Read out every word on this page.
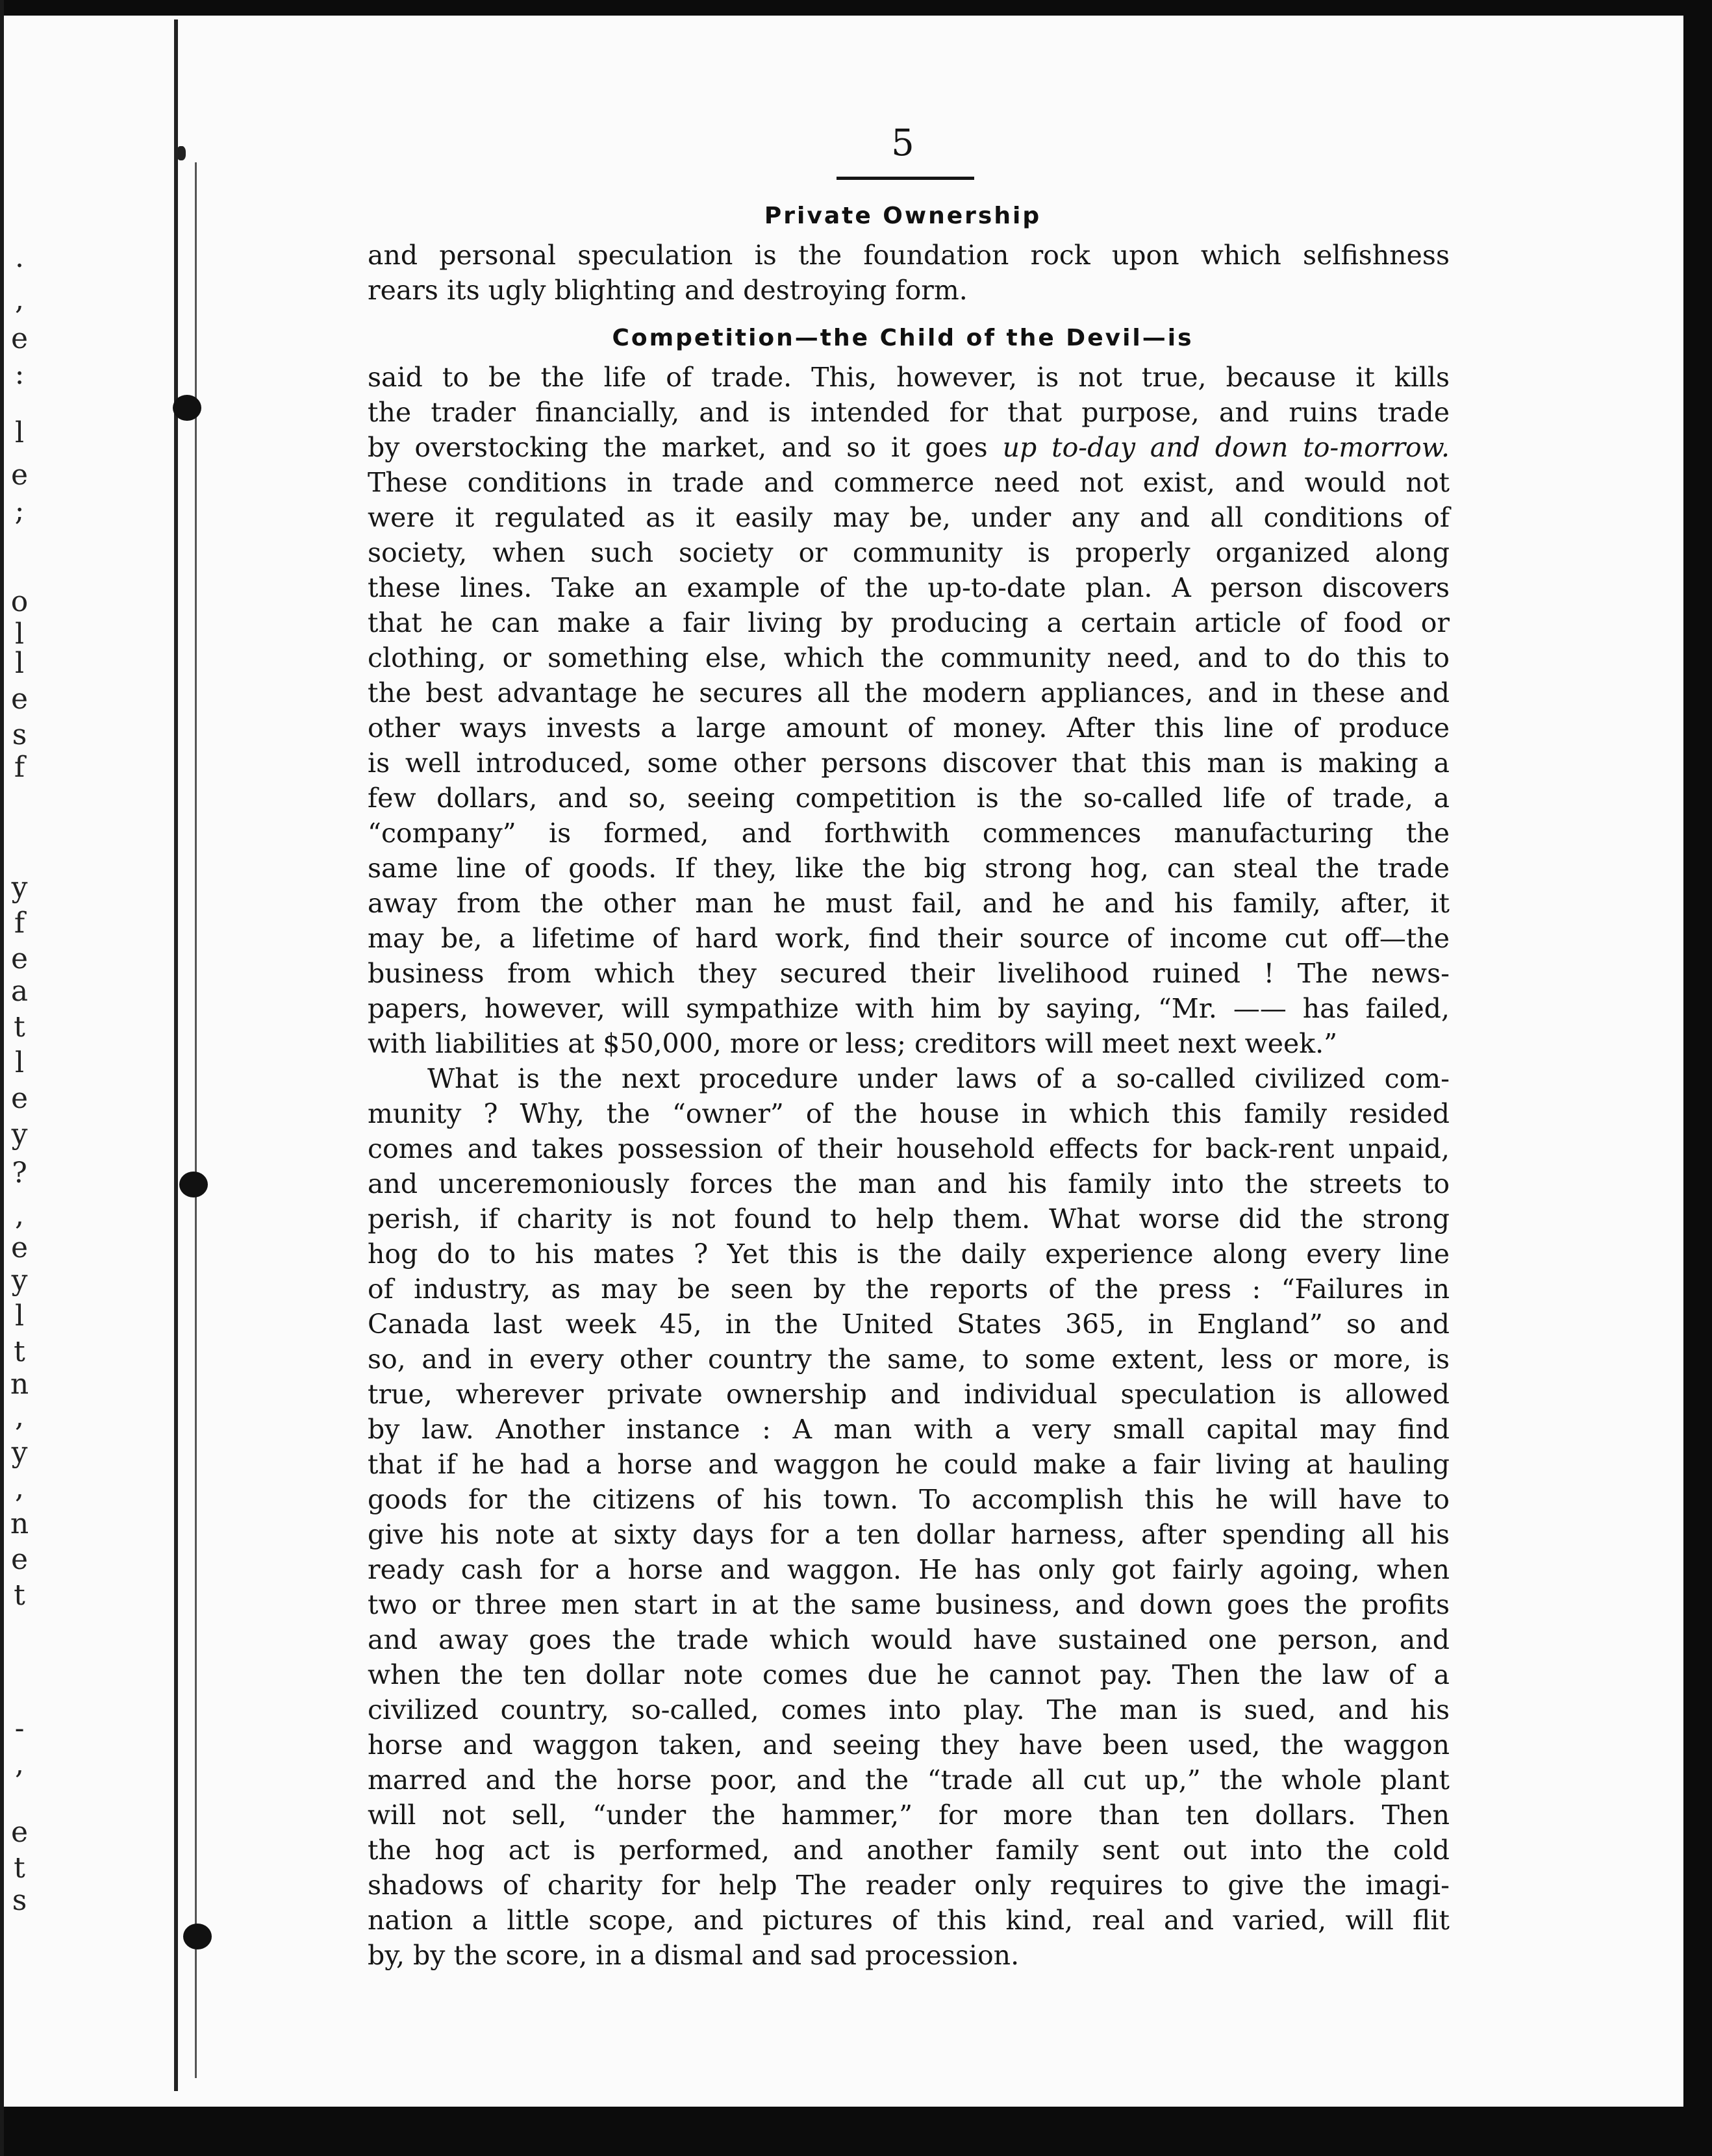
.
,
e
:
l
e
;
o
l
l
e
s
f
y
f
e
a
t
l
e
y
?
,
e
y
l
t
n
,
y
,
n
e
t
-
,
e
t
s
5
Private Ownership
and personal speculation is the foundation rock upon which selfishness
rears its ugly blighting and destroying form.
Competition—the Child of the Devil—is
said to be the life of trade. This, however, is not true, because it kills
the trader financially, and is intended for that purpose, and ruins trade
by overstocking the market, and so it goes up to-day and down to-morrow.
These conditions in trade and commerce need not exist, and would not
were it regulated as it easily may be, under any and all conditions of
society, when such society or community is properly organized along
these lines. Take an example of the up-to-date plan. A person discovers
that he can make a fair living by producing a certain article of food or
clothing, or something else, which the community need, and to do this to
the best advantage he secures all the modern appliances, and in these and
other ways invests a large amount of money. After this line of produce
is well introduced, some other persons discover that this man is making a
few dollars, and so, seeing competition is the so-called life of trade, a
“company” is formed, and forthwith commences manufacturing the
same line of goods. If they, like the big strong hog, can steal the trade
away from the other man he must fail, and he and his family, after, it
may be, a lifetime of hard work, find their source of income cut off—the
business from which they secured their livelihood ruined ! The news-
papers, however, will sympathize with him by saying, “Mr. —— has failed,
with liabilities at $50,000, more or less; creditors will meet next week.”
What is the next procedure under laws of a so-called civilized com-
munity ? Why, the “owner” of the house in which this family resided
comes and takes possession of their household effects for back-rent unpaid,
and unceremoniously forces the man and his family into the streets to
perish, if charity is not found to help them. What worse did the strong
hog do to his mates ? Yet this is the daily experience along every line
of industry, as may be seen by the reports of the press : “Failures in
Canada last week 45, in the United States 365, in England” so and
so, and in every other country the same, to some extent, less or more, is
true, wherever private ownership and individual speculation is allowed
by law. Another instance : A man with a very small capital may find
that if he had a horse and waggon he could make a fair living at hauling
goods for the citizens of his town. To accomplish this he will have to
give his note at sixty days for a ten dollar harness, after spending all his
ready cash for a horse and waggon. He has only got fairly agoing, when
two or three men start in at the same business, and down goes the profits
and away goes the trade which would have sustained one person, and
when the ten dollar note comes due he cannot pay. Then the law of a
civilized country, so-called, comes into play. The man is sued, and his
horse and waggon taken, and seeing they have been used, the waggon
marred and the horse poor, and the “trade all cut up,” the whole plant
will not sell, “under the hammer,” for more than ten dollars. Then
the hog act is performed, and another family sent out into the cold
shadows of charity for help The reader only requires to give the imagi-
nation a little scope, and pictures of this kind, real and varied, will flit
by, by the score, in a dismal and sad procession.
